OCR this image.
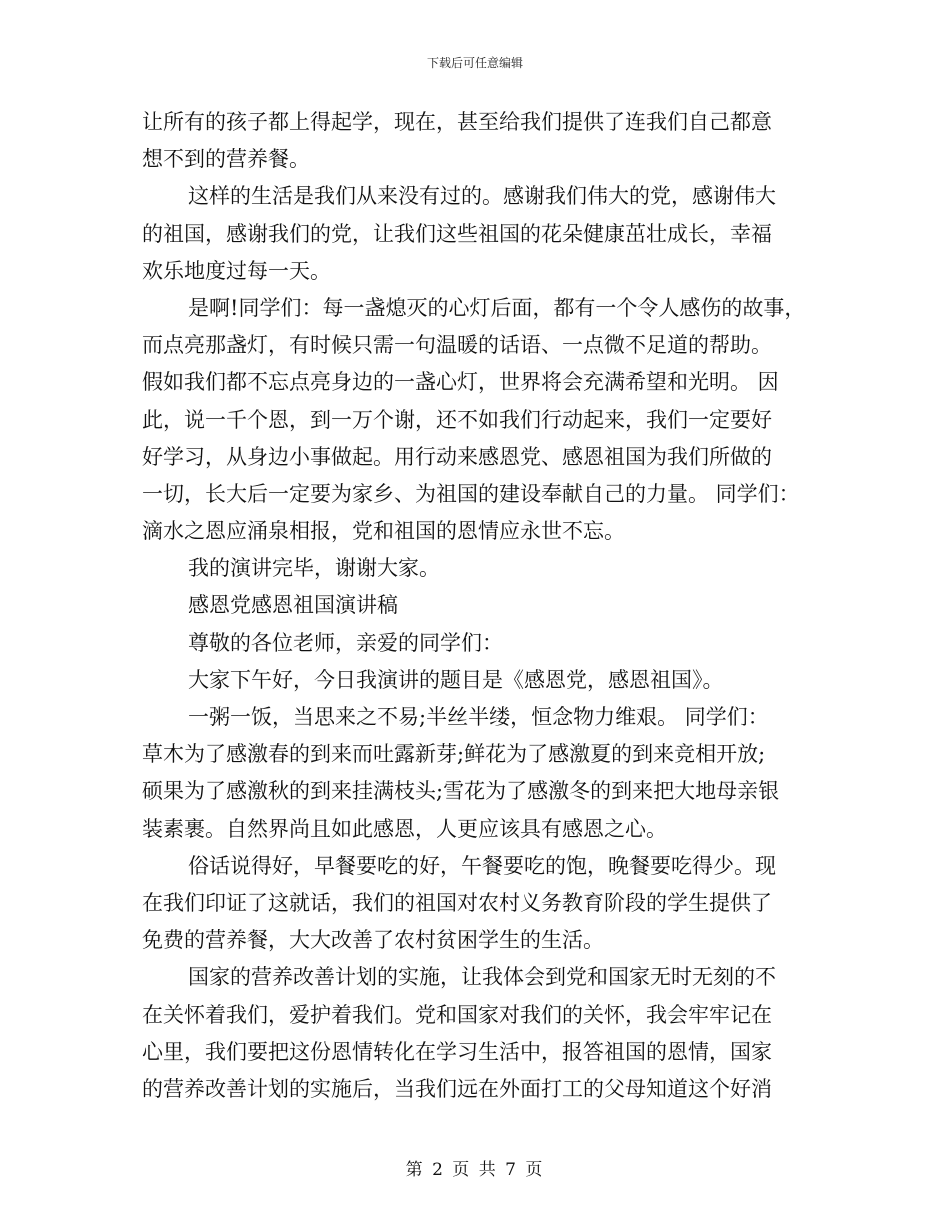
下载后可任意编辑
让所有的孩子都上得起学，现在，甚至给我们提供了连我们自己都意
想不到的营养餐。
这样的生活是我们从来没有过的。感谢我们伟大的党，感谢伟大
的祖国，感谢我们的党，让我们这些祖国的花朵健康茁壮成长，幸福
欢乐地度过每一天。
是啊!同学们：每一盏熄灭的心灯后面，都有一个令人感伤的故事，
而点亮那盏灯，有时候只需一句温暖的话语、一点微不足道的帮助。
假如我们都不忘点亮身边的一盏心灯，世界将会充满希望和光明。 因
此，说一千个恩，到一万个谢，还不如我们行动起来，我们一定要好
好学习，从身边小事做起。用行动来感恩党、感恩祖国为我们所做的
一切，长大后一定要为家乡、为祖国的建设奉献自己的力量。 同学们：
滴水之恩应涌泉相报，党和祖国的恩情应永世不忘。
我的演讲完毕，谢谢大家。
感恩党感恩祖国演讲稿
尊敬的各位老师，亲爱的同学们：
大家下午好，今日我演讲的题目是《感恩党，感恩祖国》。
一粥一饭，当思来之不易;半丝半缕，恒念物力维艰。 同学们：
草木为了感激春的到来而吐露新芽;鲜花为了感激夏的到来竞相开放;
硕果为了感激秋的到来挂满枝头;雪花为了感激冬的到来把大地母亲银
装素裹。自然界尚且如此感恩，人更应该具有感恩之心。
俗话说得好，早餐要吃的好，午餐要吃的饱，晚餐要吃得少。现
在我们印证了这就话，我们的祖国对农村义务教育阶段的学生提供了
免费的营养餐，大大改善了农村贫困学生的生活。
国家的营养改善计划的实施，让我体会到党和国家无时无刻的不
在关怀着我们，爱护着我们。党和国家对我们的关怀，我会牢牢记在
心里，我们要把这份恩情转化在学习生活中，报答祖国的恩情，国家
的营养改善计划的实施后，当我们远在外面打工的父母知道这个好消
第 2 页 共 7 页
